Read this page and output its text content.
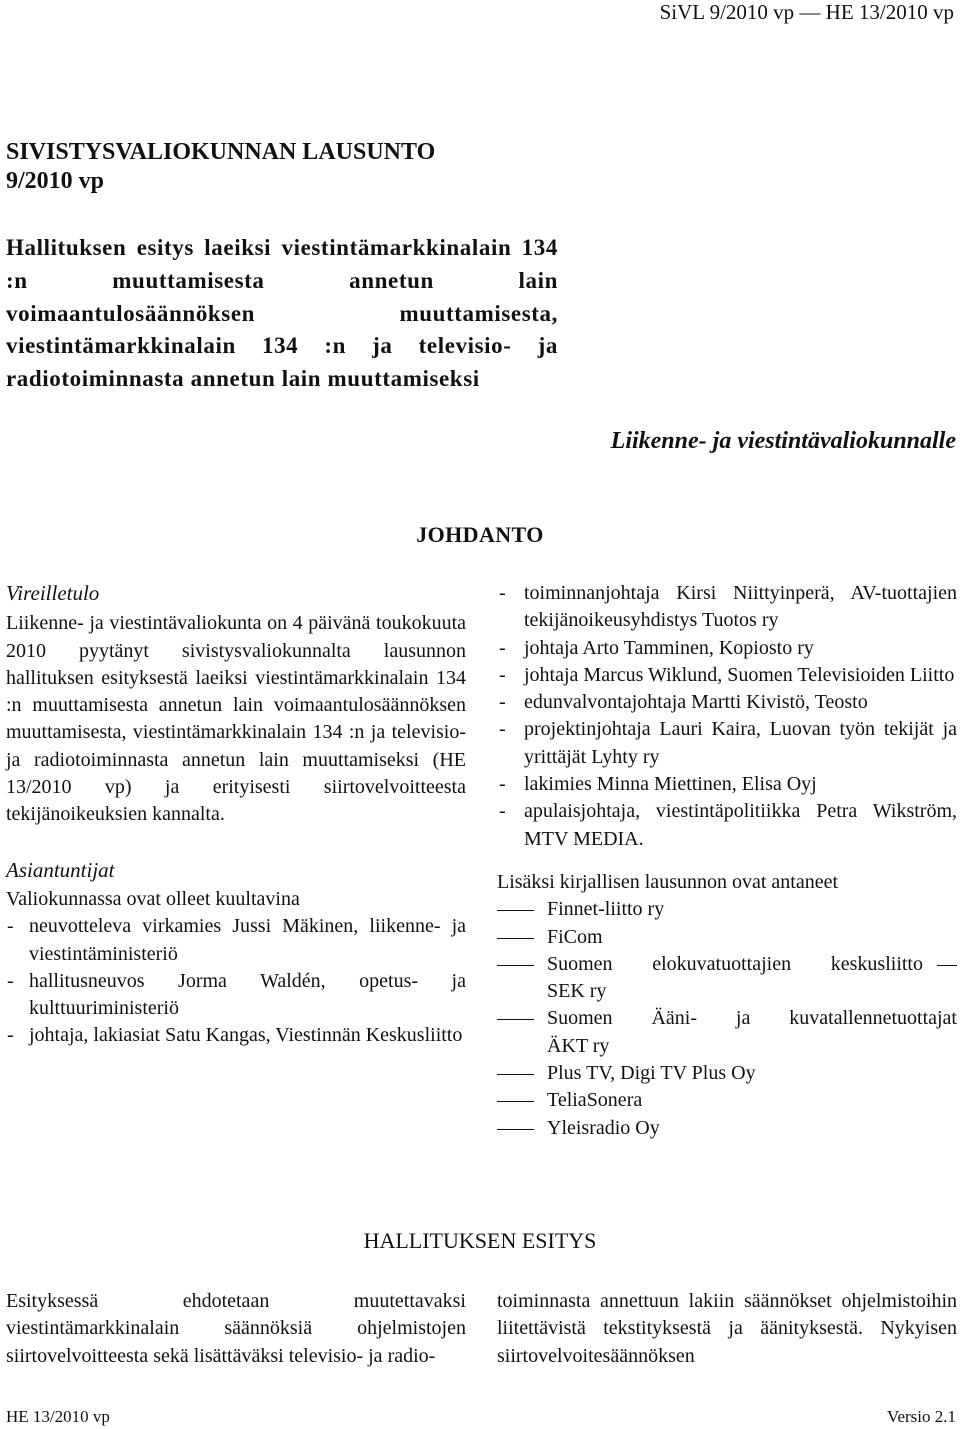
SiVL 9/2010 vp — HE 13/2010 vp
SIVISTYSVALIOKUNNAN LAUSUNTO
9/2010 vp
Hallituksen esitys laeiksi viestintämarkkinalain 134 :n muuttamisesta annetun lain voimaantulosäännöksen muuttamisesta, viestintämarkkinalain 134 :n ja televisio- ja radiotoiminnasta annetun lain muuttamiseksi
Liikenne- ja viestintävaliokunnalle
JOHDANTO
Vireilletulo
Liikenne- ja viestintävaliokunta on 4 päivänä toukokuuta 2010 pyytänyt sivistysvaliokunnalta lausunnon hallituksen esityksestä laeiksi viestintämarkkinalain 134 :n muuttamisesta annetun lain voimaantulosäännöksen muuttamisesta, viestintämarkkinalain 134 :n ja televisio- ja radiotoiminnasta annetun lain muuttamiseksi (HE 13/2010 vp) ja erityisesti siirtovelvoitteesta tekijänoikeuksien kannalta.
Asiantuntijat
Valiokunnassa ovat olleet kuultavina
- neuvotteleva virkamies Jussi Mäkinen, liikenne- ja viestintäministeriö
- hallitusneuvos Jorma Waldén, opetus- ja kulttuuriministeriö
- johtaja, lakiasiat Satu Kangas, Viestinnän Keskusliitto
- toiminnanjohtaja Kirsi Niittyinperä, AV-tuottajien tekijänoikeusyhdistys Tuotos ry
- johtaja Arto Tamminen, Kopiosto ry
- johtaja Marcus Wiklund, Suomen Televisioiden Liitto
- edunvalvontajohtaja Martti Kivistö, Teosto
- projektinjohtaja Lauri Kaira, Luovan työn tekijät ja yrittäjät Lyhty ry
- lakimies Minna Miettinen, Elisa Oyj
- apulaisjohtaja, viestintäpolitiikka Petra Wikström, MTV MEDIA.
Lisäksi kirjallisen lausunnon ovat antaneet
Finnet-liitto ry
FiCom
Suomen elokuvatuottajien keskusliitto
SEK ry
Suomen Ääni- ja kuvatallennetuottajat
ÄKT ry
Plus TV, Digi TV Plus Oy
TeliaSonera
Yleisradio Oy
HALLITUKSEN ESITYS
Esityksessä ehdotetaan muutettavaksi viestintämarkkinalain säännöksiä ohjelmistojen siirtovelvoitteesta sekä lisättäväksi televisio- ja radio-
toiminnasta annettuun lakiin säännökset ohjelmistoihin liitettävistä tekstityksestä ja äänityksestä. Nykyisen siirtovelvoitesäännöksen
HE 13/2010 vp	Versio 2.1
